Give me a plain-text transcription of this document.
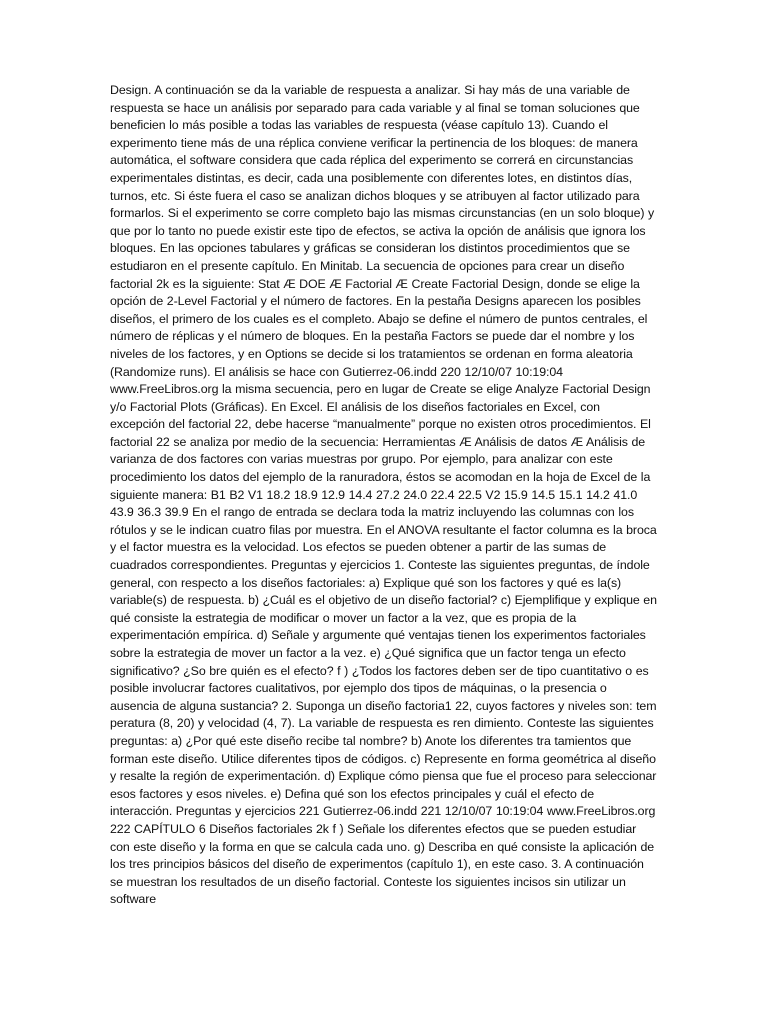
Design. A continuación se da la variable de respuesta a analizar. Si hay más de una variable de respuesta se hace un análisis por separado para cada variable y al final se toman soluciones que beneficien lo más posible a todas las variables de respuesta (véase capítulo 13). Cuando el experimento tiene más de una réplica conviene verificar la pertinencia de los bloques: de manera automática, el software considera que cada réplica del experimento se correrá en circunstancias experimentales distintas, es decir, cada una posiblemente con diferentes lotes, en distintos días, turnos, etc. Si éste fuera el caso se analizan dichos bloques y se atribuyen al factor utilizado para formarlos. Si el experimento se corre completo bajo las mismas circunstancias (en un solo bloque) y que por lo tanto no puede existir este tipo de efectos, se activa la opción de análisis que ignora los bloques. En las opciones tabulares y gráficas se consideran los distintos procedimientos que se estudiaron en el presente capítulo. En Minitab. La secuencia de opciones para crear un diseño factorial 2k es la siguiente: Stat Æ DOE Æ Factorial Æ Create Factorial Design, donde se elige la opción de 2-Level Factorial y el número de factores. En la pestaña Designs aparecen los posibles diseños, el primero de los cuales es el completo. Abajo se define el número de puntos centrales, el número de réplicas y el número de bloques. En la pestaña Factors se puede dar el nombre y los niveles de los factores, y en Options se decide si los tratamientos se ordenan en forma aleatoria (Randomize runs). El análisis se hace con Gutierrez-06.indd 220 12/10/07 10:19:04 www.FreeLibros.org la misma secuencia, pero en lugar de Create se elige Analyze Factorial Design y/o Factorial Plots (Gráficas). En Excel. El análisis de los diseños factoriales en Excel, con excepción del factorial 22, debe hacerse “manualmente” porque no existen otros procedimientos. El factorial 22 se analiza por medio de la secuencia: Herramientas Æ Análisis de datos Æ Análisis de varianza de dos factores con varias muestras por grupo. Por ejemplo, para analizar con este procedimiento los datos del ejemplo de la ranuradora, éstos se acomodan en la hoja de Excel de la siguiente manera: B1 B2 V1 18.2 18.9 12.9 14.4 27.2 24.0 22.4 22.5 V2 15.9 14.5 15.1 14.2 41.0 43.9 36.3 39.9 En el rango de entrada se declara toda la matriz incluyendo las columnas con los rótulos y se le indican cuatro filas por muestra. En el ANOVA resultante el factor columna es la broca y el factor muestra es la velocidad. Los efectos se pueden obtener a partir de las sumas de cuadrados correspondientes. Preguntas y ejercicios 1. Conteste las siguientes preguntas, de índole general, con respecto a los diseños factoriales: a) Explique qué son los factores y qué es la(s) variable(s) de respuesta. b) ¿Cuál es el objetivo de un diseño factorial? c) Ejemplifique y explique en qué consiste la estrategia de modificar o mover un factor a la vez, que es propia de la experimentación empírica. d) Señale y argumente qué ventajas tienen los experimentos factoriales sobre la estrategia de mover un factor a la vez. e) ¿Qué significa que un factor tenga un efecto significativo? ¿So bre quién es el efecto? f ) ¿Todos los factores deben ser de tipo cuantitativo o es posible involucrar factores cualitativos, por ejemplo dos tipos de máquinas, o la presencia o ausencia de alguna sustancia? 2. Suponga un diseño factoria1 22, cuyos factores y niveles son: tem peratura (8, 20) y velocidad (4, 7). La variable de respuesta es ren dimiento. Conteste las siguientes preguntas: a) ¿Por qué este diseño recibe tal nombre? b) Anote los diferentes tra tamientos que forman este diseño. Utilice diferentes tipos de códigos. c) Represente en forma geométrica al diseño y resalte la región de experimentación. d) Explique cómo piensa que fue el proceso para seleccionar esos factores y esos niveles. e) Defina qué son los efectos principales y cuál el efecto de interacción. Preguntas y ejercicios 221 Gutierrez-06.indd 221 12/10/07 10:19:04 www.FreeLibros.org 222 CAPÍTULO 6 Diseños factoriales 2k f ) Señale los diferentes efectos que se pueden estudiar con este diseño y la forma en que se calcula cada uno. g) Describa en qué consiste la aplicación de los tres principios básicos del diseño de experimentos (capítulo 1), en este caso. 3. A continuación se muestran los resultados de un diseño factorial. Conteste los siguientes incisos sin utilizar un software
